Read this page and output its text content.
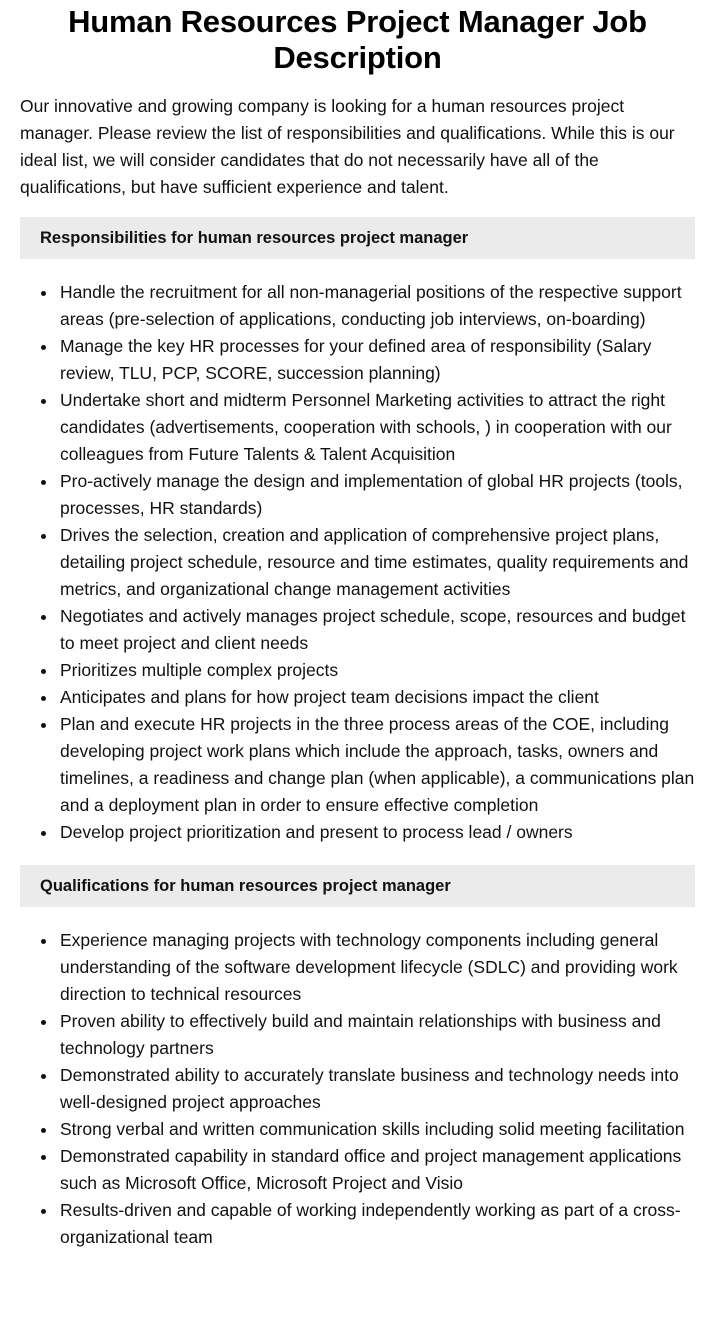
Human Resources Project Manager Job Description

Our innovative and growing company is looking for a human resources project manager. Please review the list of responsibilities and qualifications. While this is our ideal list, we will consider candidates that do not necessarily have all of the qualifications, but have sufficient experience and talent.

Responsibilities for human resources project manager
Handle the recruitment for all non-managerial positions of the respective support areas (pre-selection of applications, conducting job interviews, on-boarding)
Manage the key HR processes for your defined area of responsibility (Salary review, TLU, PCP, SCORE, succession planning)
Undertake short and midterm Personnel Marketing activities to attract the right candidates (advertisements, cooperation with schools, ) in cooperation with our colleagues from Future Talents & Talent Acquisition
Pro-actively manage the design and implementation of global HR projects (tools, processes, HR standards)
Drives the selection, creation and application of comprehensive project plans, detailing project schedule, resource and time estimates, quality requirements and metrics, and organizational change management activities
Negotiates and actively manages project schedule, scope, resources and budget to meet project and client needs
Prioritizes multiple complex projects
Anticipates and plans for how project team decisions impact the client
Plan and execute HR projects in the three process areas of the COE, including developing project work plans which include the approach, tasks, owners and timelines, a readiness and change plan (when applicable), a communications plan and a deployment plan in order to ensure effective completion
Develop project prioritization and present to process lead / owners
Qualifications for human resources project manager
Experience managing projects with technology components including general understanding of the software development lifecycle (SDLC) and providing work direction to technical resources
Proven ability to effectively build and maintain relationships with business and technology partners
Demonstrated ability to accurately translate business and technology needs into well-designed project approaches
Strong verbal and written communication skills including solid meeting facilitation
Demonstrated capability in standard office and project management applications such as Microsoft Office, Microsoft Project and Visio
Results-driven and capable of working independently working as part of a cross-organizational team
